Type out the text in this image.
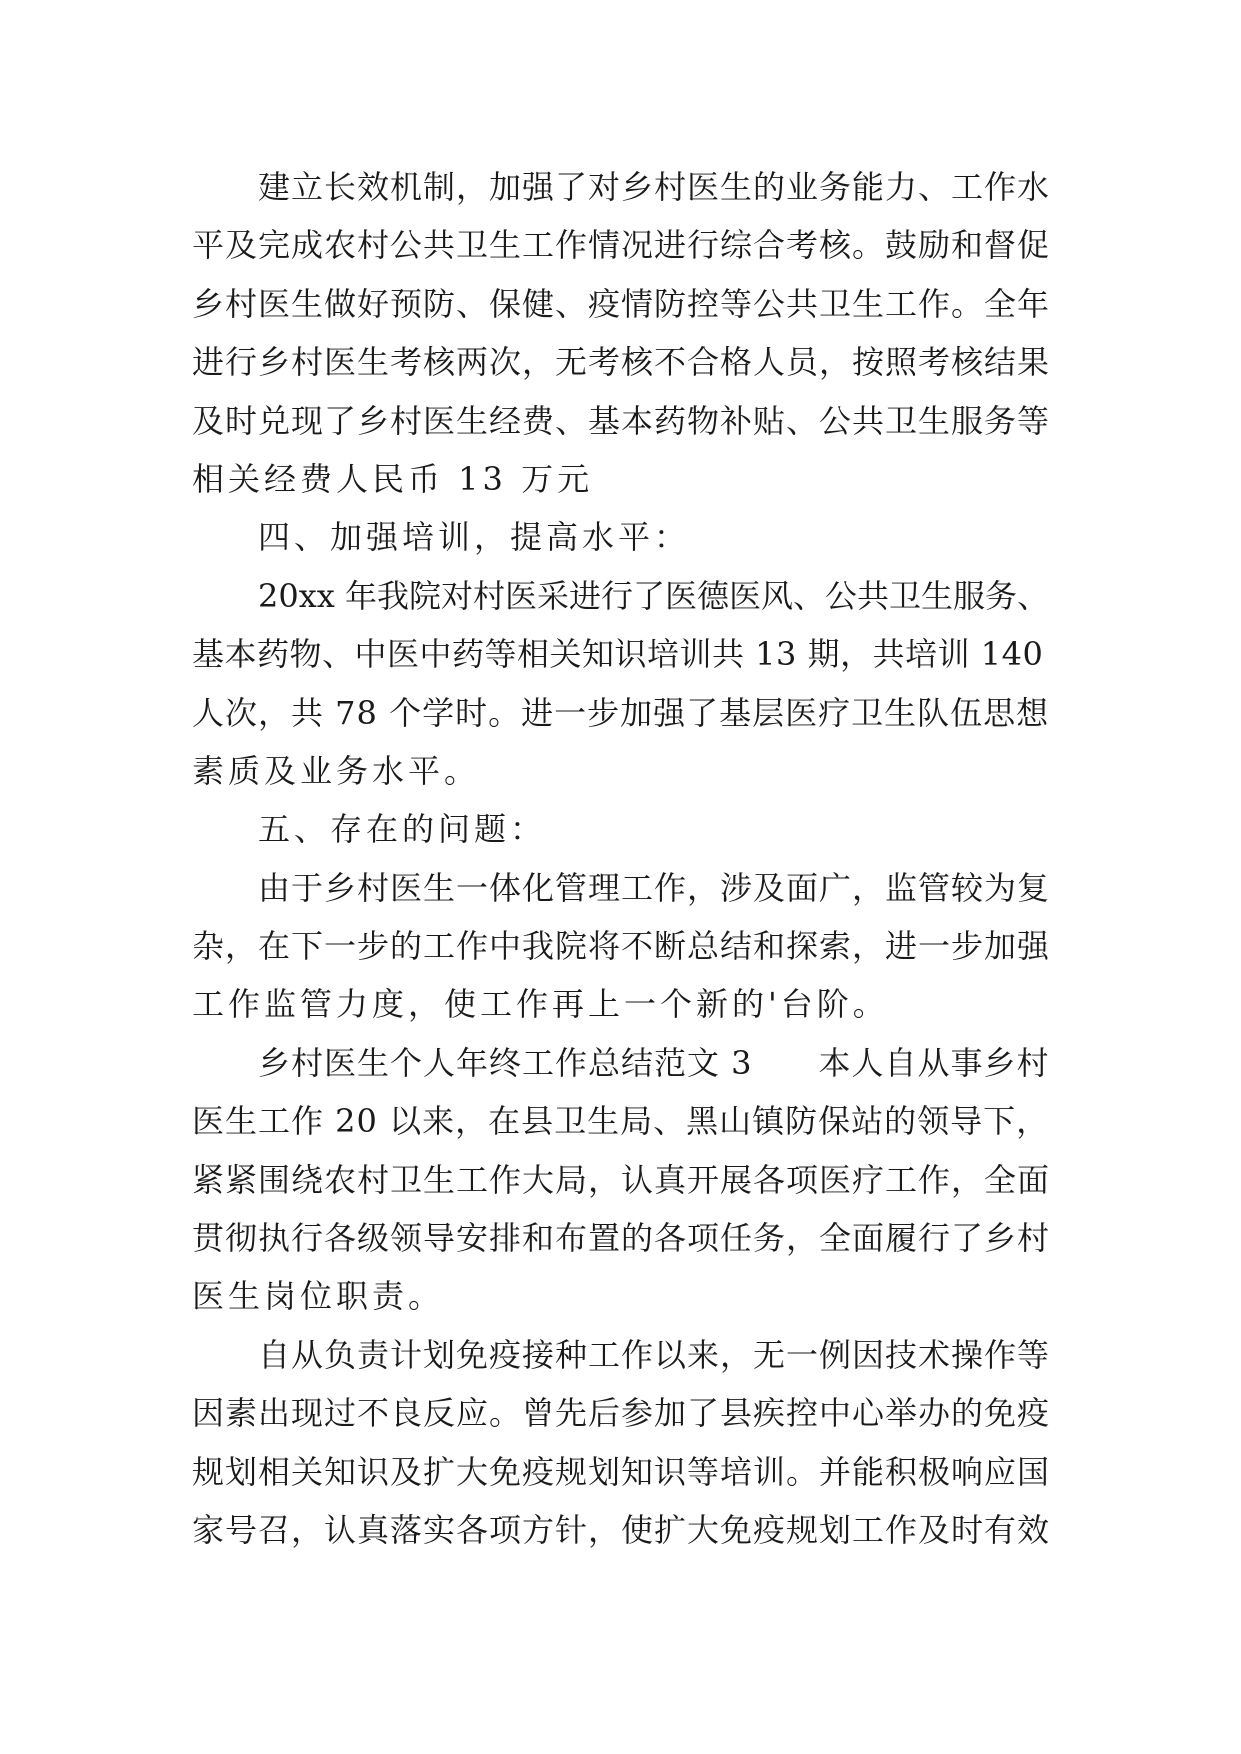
建立长效机制，加强了对乡村医生的业务能力、工作水
平及完成农村公共卫生工作情况进行综合考核。鼓励和督促
乡村医生做好预防、保健、疫情防控等公共卫生工作。全年
进行乡村医生考核两次，无考核不合格人员，按照考核结果
及时兑现了乡村医生经费、基本药物补贴、公共卫生服务等
相关经费人民币 13 万元
四、加强培训，提高水平：
20xx 年我院对村医采进行了医德医风、公共卫生服务、
基本药物、中医中药等相关知识培训共 13 期，共培训 140
人次，共 78 个学时。进一步加强了基层医疗卫生队伍思想
素质及业务水平。
五、存在的问题：
由于乡村医生一体化管理工作，涉及面广，监管较为复
杂，在下一步的工作中我院将不断总结和探索，进一步加强
工作监管力度，使工作再上一个新的'台阶。
乡村医生个人年终工作总结范文 3　　本人自从事乡村
医生工作 20 以来，在县卫生局、黑山镇防保站的领导下，
紧紧围绕农村卫生工作大局，认真开展各项医疗工作，全面
贯彻执行各级领导安排和布置的各项任务，全面履行了乡村
医生岗位职责。
自从负责计划免疫接种工作以来，无一例因技术操作等
因素出现过不良反应。曾先后参加了县疾控中心举办的免疫
规划相关知识及扩大免疫规划知识等培训。并能积极响应国
家号召，认真落实各项方针，使扩大免疫规划工作及时有效
